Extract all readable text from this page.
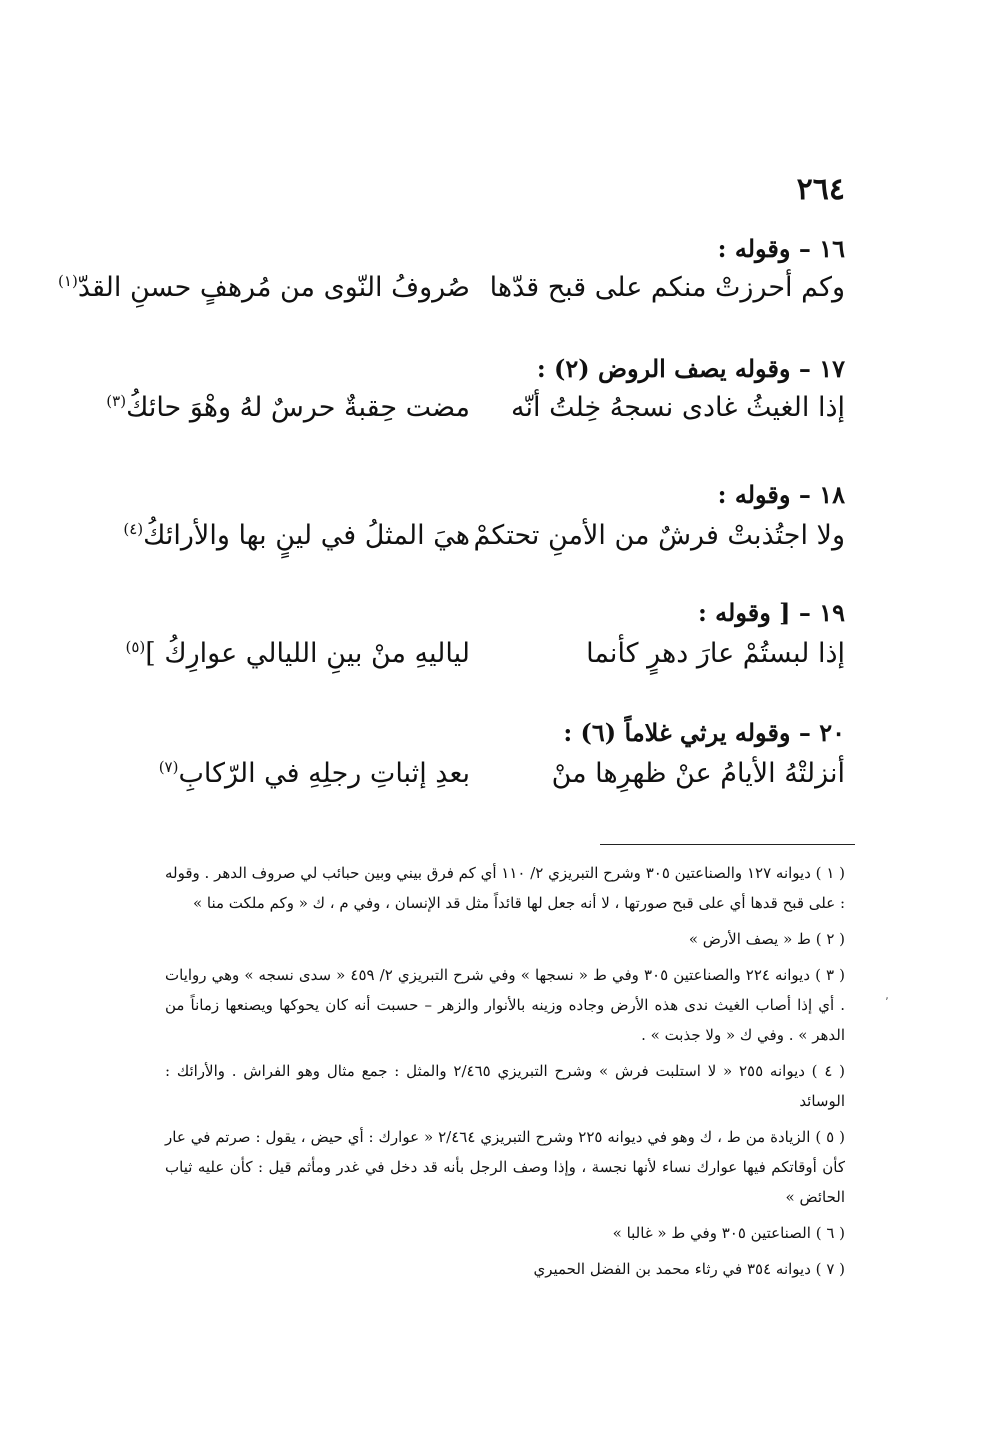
٢٦٤
١٦ – وقوله :
وكم أحرزتْ منكم على قبح قدّها
صُروفُ النّوى من مُرهفٍ حسنِ القدّ$^{(١)}$
١٧ – وقوله يصف الروض (٢) :
إذا الغيثُ غادى نسجهُ خِلتُ أنّه
مضت حِقبةٌ حرسٌ لهُ وهْوَ حائكُ$^{(٣)}$
١٨ – وقوله :
ولا اجتُذبتْ فرشٌ من الأمنِ تحتكمْ
هيَ المثلُ في لينٍ بها والأرائكُ$^{(٤)}$
١٩ – [ وقوله :
إذا لبستُمْ عارَ دهرٍ كأنما
لياليهِ منْ بينِ الليالي عوارِكُ ]$^{(٥)}$
٢٠ – وقوله يرثي غلاماً (٦) :
أنزلتْهُ الأيامُ عنْ ظهرِها منْ
بعدِ إثباتِ رجلِهِ في الرّكابِ$^{(٧)}$

( ١ ) ديوانه ١٢٧ والصناعتين ٣٠٥ وشرح التبريزي ٢/ ١١٠ أي كم فرق بيني وبين حبائب لي صروف الدهر . وقوله : على قبح قدها أي على قبح صورتها ، لا أنه جعل لها قائداً مثل قد الإنسان ، وفي م ، ك « وكم ملكت منا »

( ٢ ) ط « يصف الأرض »

( ٣ ) ديوانه ٢٢٤ والصناعتين ٣٠٥ وفي ط « نسجها » وفي شرح التبريزي ٢/ ٤٥٩ « سدى نسجه » وهي روايات . أي إذا أصاب الغيث ندى هذه الأرض وجاده وزينه بالأنوار والزهر – حسبت أنه كان يحوكها ويصنعها زماناً من الدهر » . وفي ك « ولا جذبت » .

( ٤ ) ديوانه ٢٥٥ « لا استلبت فرش » وشرح التبريزي ٢/٤٦٥ والمثل : جمع مثال وهو الفراش . والأرائك : الوسائد

( ٥ ) الزيادة من ط ، ك وهو في ديوانه ٢٢٥ وشرح التبريزي ٢/٤٦٤ « عوارك : أي حيض ، يقول : صرتم في عار كأن أوقاتكم فيها عوارك نساء لأنها نجسة ، وإذا وصف الرجل بأنه قد دخل في غدر ومأثم قيل : كأن عليه ثياب الحائض »

( ٦ ) الصناعتين ٣٠٥ وفي ط « غالبا »

( ٧ ) ديوانه ٣٥٤ في رثاء محمد بن الفضل الحميري

٬
